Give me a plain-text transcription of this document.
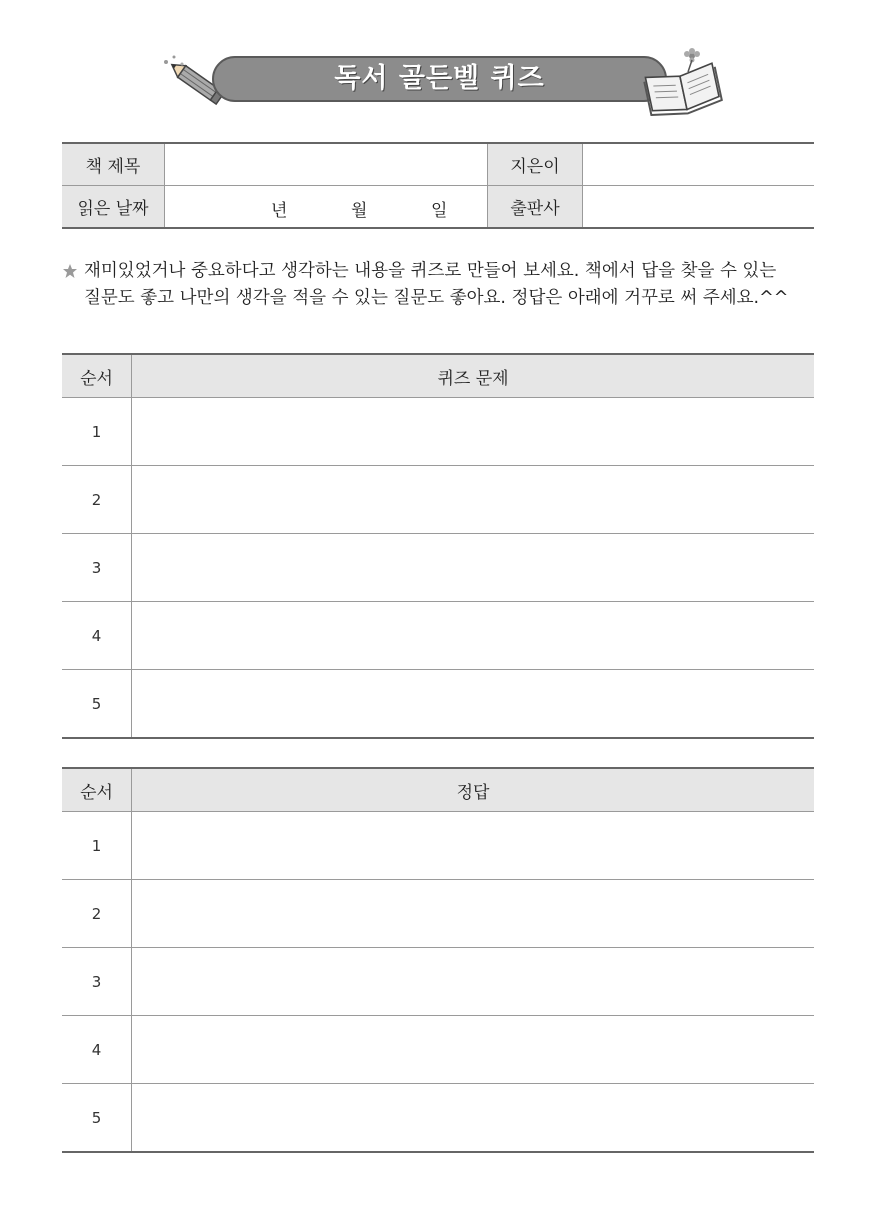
독서 골든벨 퀴즈
책 제목		지은이	
읽은 날짜	년 월 일	출판사	

재미있었거나 중요하다고 생각하는 내용을 퀴즈로 만들어 보세요. 책에서 답을 찾을 수 있는

질문도 좋고 나만의 생각을 적을 수 있는 질문도 좋아요. 정답은 아래에 거꾸로 써 주세요.^^

순서	퀴즈 문제
1	
2	
3	
4	
5	
순서	정답
1	
2	
3	
4	
5	
